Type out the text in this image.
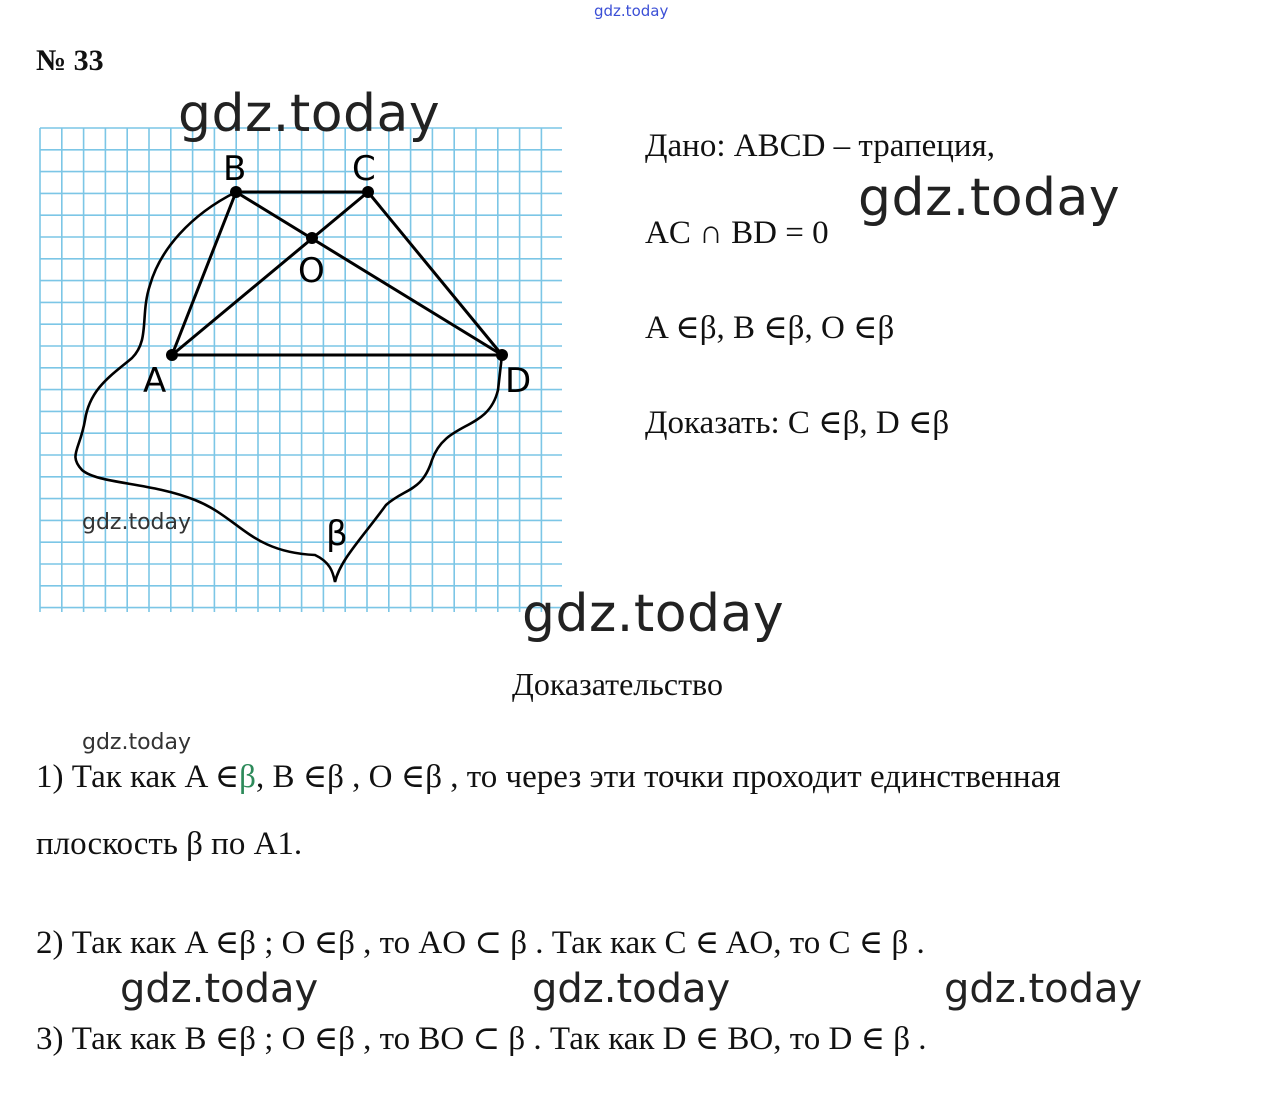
gdz.today
№ 33
B	C
O
A	D
β
gdz.today
gdz.today
Дано: ABCD – трапеция,
gdz.today
AC ∩ BD = 0
A ∈β, B ∈β, O ∈β
Доказать: C ∈β, D ∈β
gdz.today
Доказательство
gdz.today
1) Так как A ∈β, B ∈β , O ∈β , то через эти точки проходит единственная
плоскость β по A1.
2) Так как A ∈β ; O ∈β , то AO ⊂ β . Так как C ∈ AO, то C ∈ β .
gdz.today	gdz.today	gdz.today
3) Так как B ∈β ; O ∈β , то BO ⊂ β . Так как D ∈ BO, то D ∈ β .
